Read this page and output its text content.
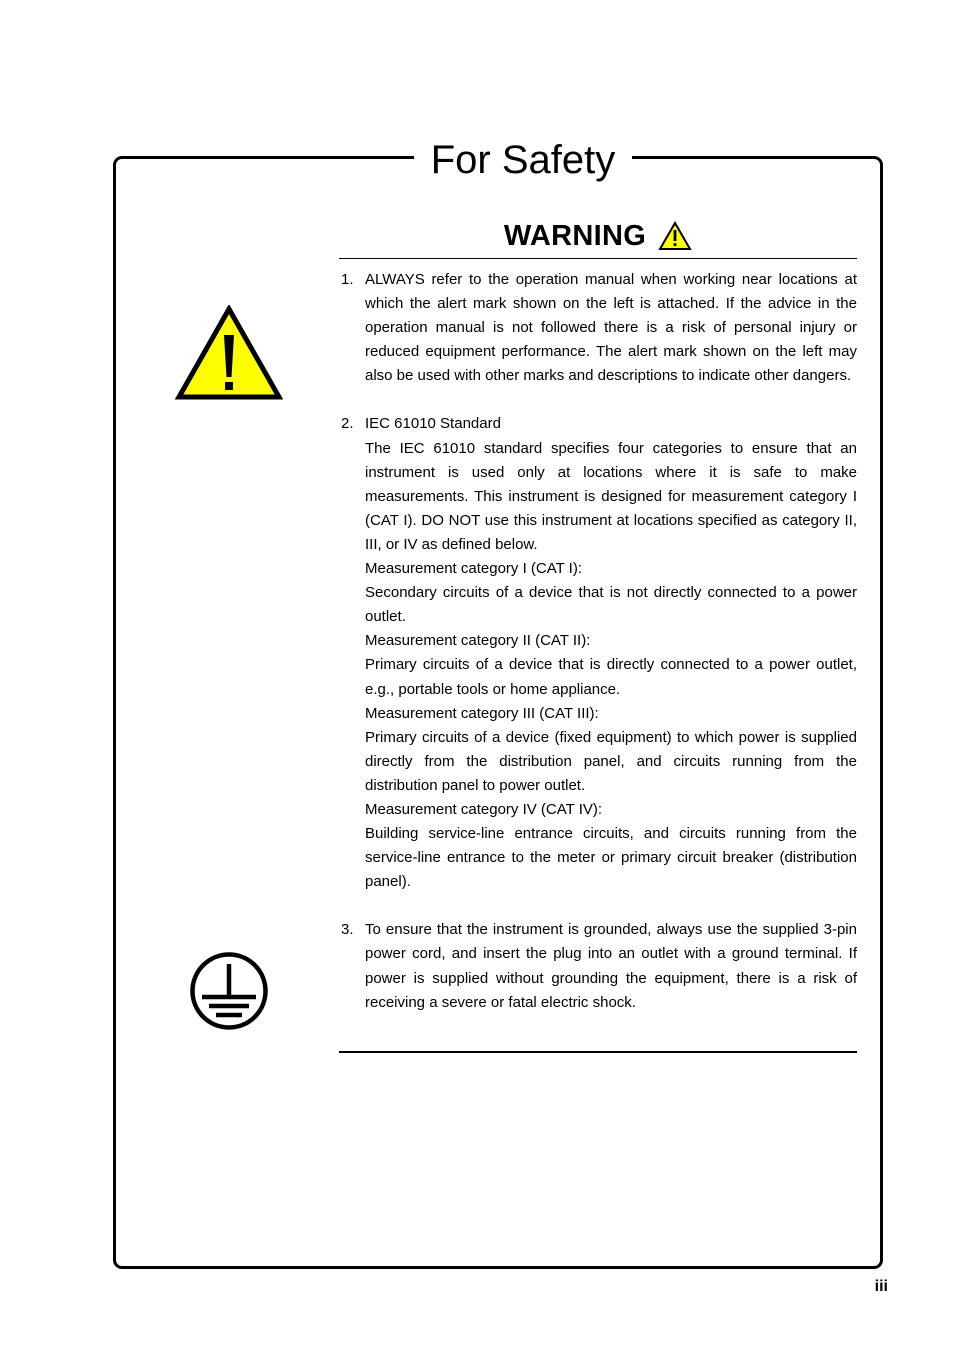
For Safety
WARNING
1. ALWAYS refer to the operation manual when working near locations at which the alert mark shown on the left is attached. If the advice in the operation manual is not followed there is a risk of personal injury or reduced equipment performance. The alert mark shown on the left may also be used with other marks and descriptions to indicate other dangers.

2. IEC 61010 Standard

The IEC 61010 standard specifies four categories to ensure that an instrument is used only at locations where it is safe to make measurements. This instrument is designed for measurement category I (CAT I). DO NOT use this instrument at locations specified as category II, III, or IV as defined below.

Measurement category I (CAT I):

Secondary circuits of a device that is not directly connected to a power outlet.

Measurement category II (CAT II):

Primary circuits of a device that is directly connected to a power outlet, e.g., portable tools or home appliance.

Measurement category III (CAT III):

Primary circuits of a device (fixed equipment) to which power is supplied directly from the distribution panel, and circuits running from the distribution panel to power outlet.

Measurement category IV (CAT IV):

Building service-line entrance circuits, and circuits running from the service-line entrance to the meter or primary circuit breaker (distribution panel).

3. To ensure that the instrument is grounded, always use the supplied 3-pin power cord, and insert the plug into an outlet with a ground terminal. If power is supplied without grounding the equipment, there is a risk of receiving a severe or fatal electric shock.

iii
